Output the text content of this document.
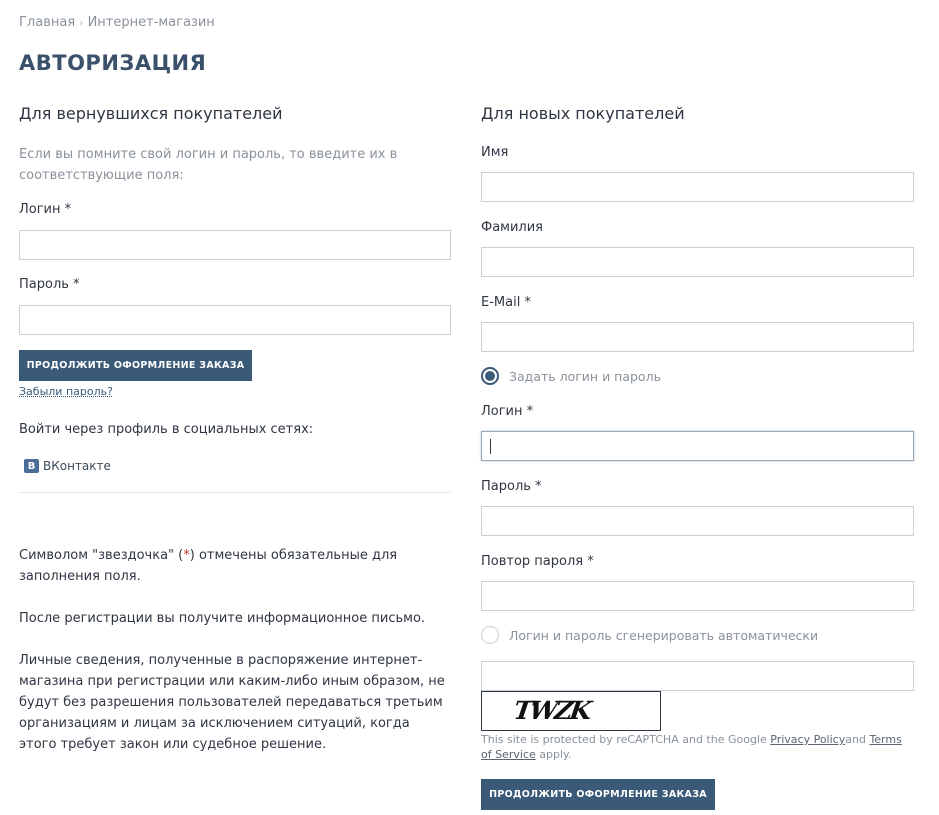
Главная › Интернет-магазин
АВТОРИЗАЦИЯ
Для вернувшихся покупателей
Если вы помните свой логин и пароль, то введите их в соответствующие поля:
Логин *
Пароль *
ПРОДОЛЖИТЬ ОФОРМЛЕНИЕ ЗАКАЗА
Забыли пароль?
Войти через профиль в социальных сетях:
В ВКонтакте
Символом "звездочка" (*) отмечены обязательные для заполнения поля.
После регистрации вы получите информационное письмо.
Личные сведения, полученные в распоряжение интернет-магазина при регистрации или каким-либо иным образом, не будут без разрешения пользователей передаваться третьим организациям и лицам за исключением ситуаций, когда этого требует закон или судебное решение.
Для новых покупателей
Имя
Фамилия
E-Mail *
Задать логин и пароль
Логин *
Пароль *
Повтор пароля *
Логин и пароль сгенерировать автоматически
TWZK
This site is protected by reCAPTCHA and the Google Privacy Policyand Terms of Service apply.
ПРОДОЛЖИТЬ ОФОРМЛЕНИЕ ЗАКАЗА
